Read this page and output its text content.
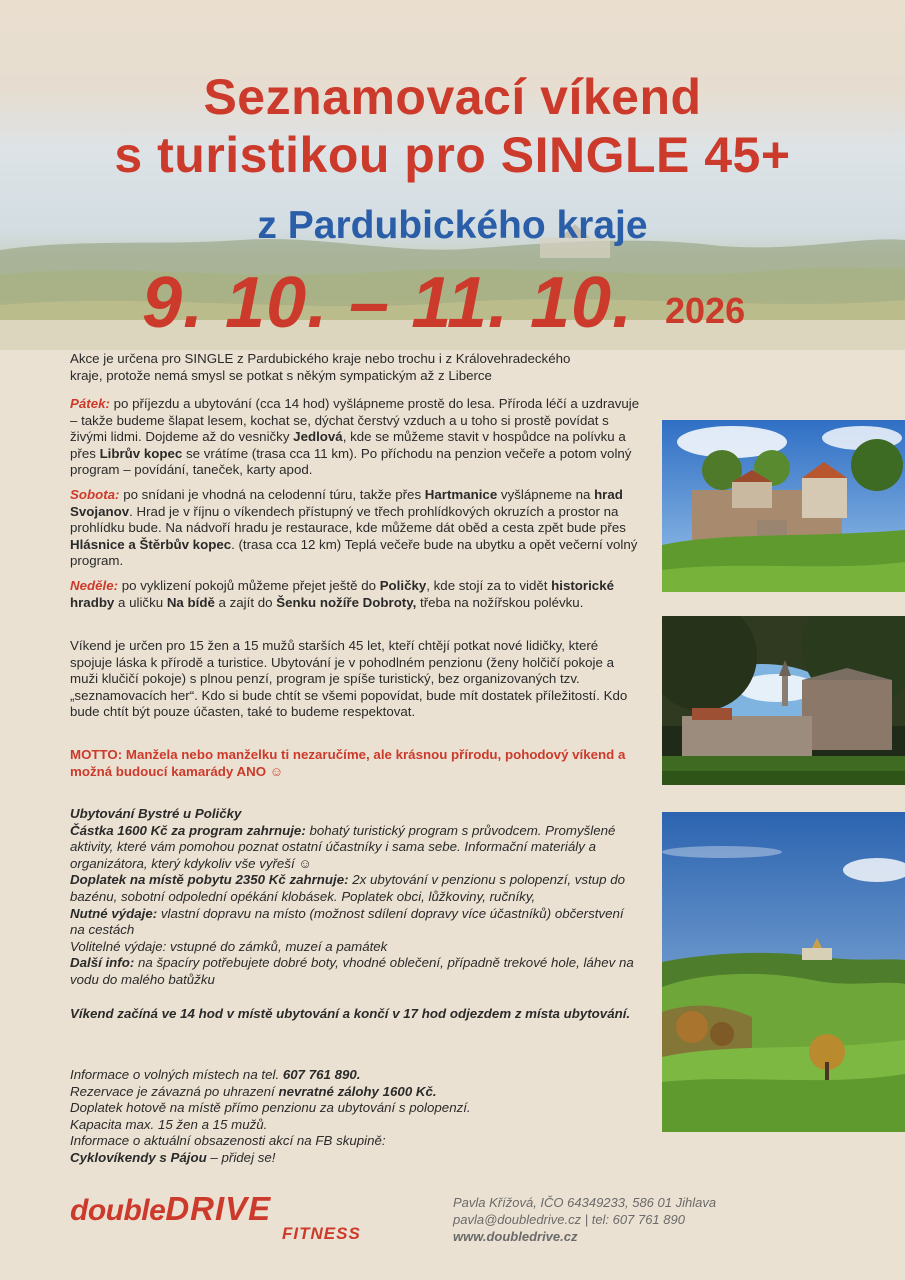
Seznamovací víkend
s turistikou pro SINGLE 45+
z Pardubického kraje
9. 10. – 11. 10. 2026

Akce je určena pro SINGLE z Pardubického kraje nebo trochu i z Královehradeckého

kraje, protože nemá smysl se potkat s někým sympatickým až z Liberce

Pátek: po příjezdu a ubytování (cca 14 hod) vyšlápneme prostě do lesa. Příroda léčí a uzdravuje – takže budeme šlapat lesem, kochat se, dýchat čerstvý vzduch a u toho si prostě povídat s živými lidmi. Dojdeme až do vesničky Jedlová, kde se můžeme stavit v hospůdce na polívku a přes Librův kopec se vrátíme (trasa cca 11 km). Po příchodu na penzion večeře a potom volný program – povídání, taneček, karty apod.

Sobota: po snídani je vhodná na celodenní túru, takže přes Hartmanice vyšlápneme na hrad Svojanov. Hrad je v říjnu o víkendech přístupný ve třech prohlídkových okruzích a prostor na prohlídku bude. Na nádvoří hradu je restaurace, kde můžeme dát oběd a cesta zpět bude přes Hlásnice a Štěrbův kopec. (trasa cca 12 km) Teplá večeře bude na ubytku a opět večerní volný program.

Neděle: po vyklizení pokojů můžeme přejet ještě do Poličky, kde stojí za to vidět historické hradby a uličku Na bídě a zajít do Šenku nožíře Dobroty, třeba na nožířskou polévku.

Víkend je určen pro 15 žen a 15 mužů starších 45 let, kteří chtějí potkat nové lidičky, které spojuje láska k přírodě a turistice. Ubytování je v pohodlném penzionu (ženy holčičí pokoje a muži klučičí pokoje) s plnou penzí, program je spíše turistický, bez organizovaných tzv. „seznamovacích her“. Kdo si bude chtít se všemi popovídat, bude mít dostatek příležitostí. Kdo bude chtít být pouze účasten, také to budeme respektovat.
MOTTO: Manžela nebo manželku ti nezaručíme, ale krásnou přírodu, pohodový víkend a možná budoucí kamarády ANO ☺

Ubytování Bystré u Poličky

Částka 1600 Kč za program zahrnuje: bohatý turistický program s průvodcem. Promyšlené aktivity, které vám pomohou poznat ostatní účastníky i sama sebe. Informační materiály a organizátora, který kdykoliv vše vyřeší ☺

Doplatek na místě pobytu 2350 Kč zahrnuje: 2x ubytování v penzionu s polopenzí, vstup do bazénu, sobotní odpolední opékání klobásek. Poplatek obci, lůžkoviny, ručníky,

Nutné výdaje: vlastní dopravu na místo (možnost sdílení dopravy více účastníků) občerstvení na cestách

Volitelné výdaje: vstupné do zámků, muzeí a památek

Další info: na špacíry potřebujete dobré boty, vhodné oblečení, případně trekové hole, láhev na vodu do malého batůžku

Víkend začíná ve 14 hod v místě ubytování a končí v 17 hod odjezdem z místa ubytování.

Informace o volných místech na tel. 607 761 890.

Rezervace je závazná po uhrazení nevratné zálohy 1600 Kč.

Doplatek hotově na místě přímo penzionu za ubytování s polopenzí.

Kapacita max. 15 žen a 15 mužů.

Informace o aktuální obsazenosti akcí na FB skupině:

Cyklovíkendy s Pájou – přidej se!

doubleDRIVE
FITNESS
Pavla Křížová, IČO 64349233, 586 01 Jihlava
pavla@doubledrive.cz | tel: 607 761 890
www.doubledrive.cz
